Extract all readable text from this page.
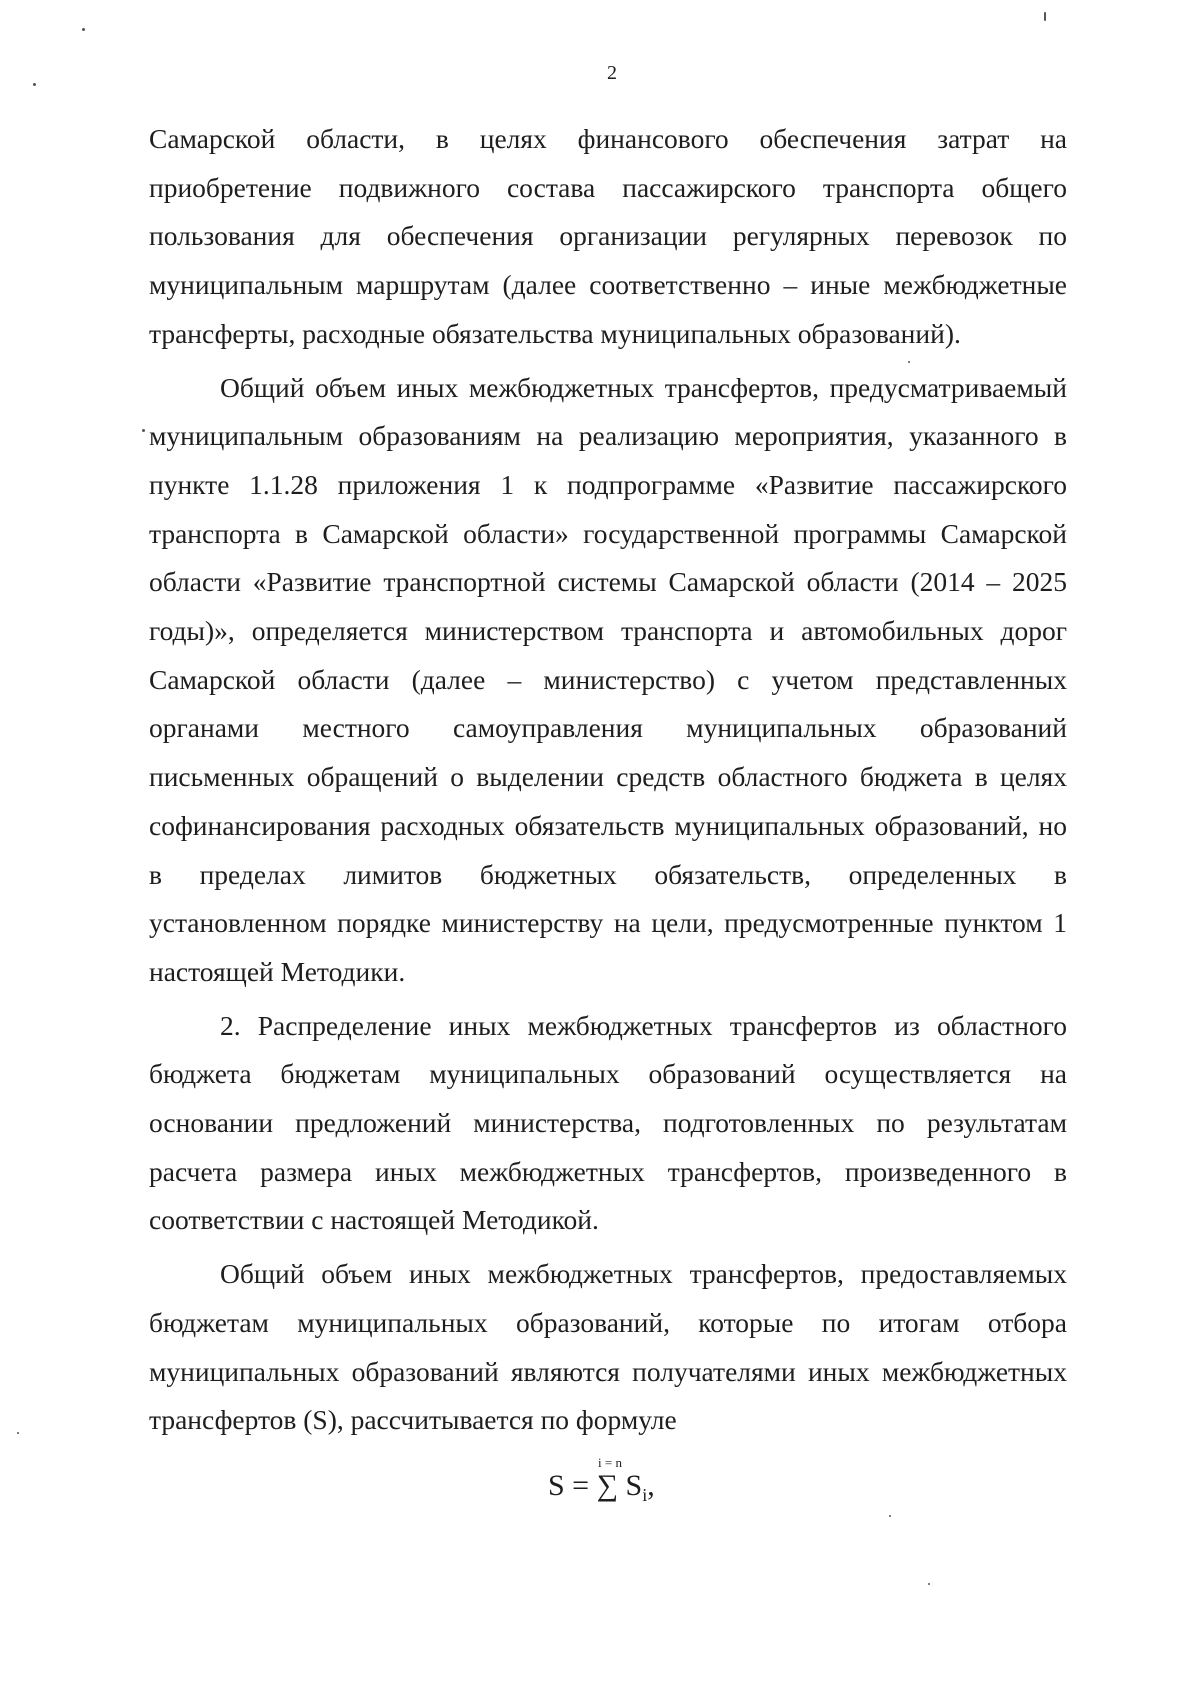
2

Самарской области, в целях финансового обеспечения затрат на приобретение подвижного состава пассажирского транспорта общего пользования для обеспечения организации регулярных перевозок по муниципальным маршрутам (далее соответственно – иные межбюджетные трансферты, расходные обязательства муниципальных образований).

Общий объем иных межбюджетных трансфертов, предусматриваемый муниципальным образованиям на реализацию мероприятия, указанного в пункте 1.1.28 приложения 1 к подпрограмме «Развитие пассажирского транспорта в Самарской области» государственной программы Самарской области «Развитие транспортной системы Самарской области (2014 – 2025 годы)», определяется министерством транспорта и автомобильных дорог Самарской области (далее – министерство) с учетом представленных органами местного самоуправления муниципальных образований письменных обращений о выделении средств областного бюджета в целях софинансирования расходных обязательств муниципальных образований, но в пределах лимитов бюджетных обязательств, определенных в установленном порядке министерству на цели, предусмотренные пунктом 1 настоящей Методики.

2. Распределение иных межбюджетных трансфертов из областного бюджета бюджетам муниципальных образований осуществляется на основании предложений министерства, подготовленных по результатам расчета размера иных межбюджетных трансфертов, произведенного в соответствии с настоящей Методикой.

Общий объем иных межбюджетных трансфертов, предоставляемых бюджетам муниципальных образований, которые по итогам отбора муниципальных образований являются получателями иных межбюджетных трансфертов (S), рассчитывается по формуле

i = n
S = ∑ $S_i$,
